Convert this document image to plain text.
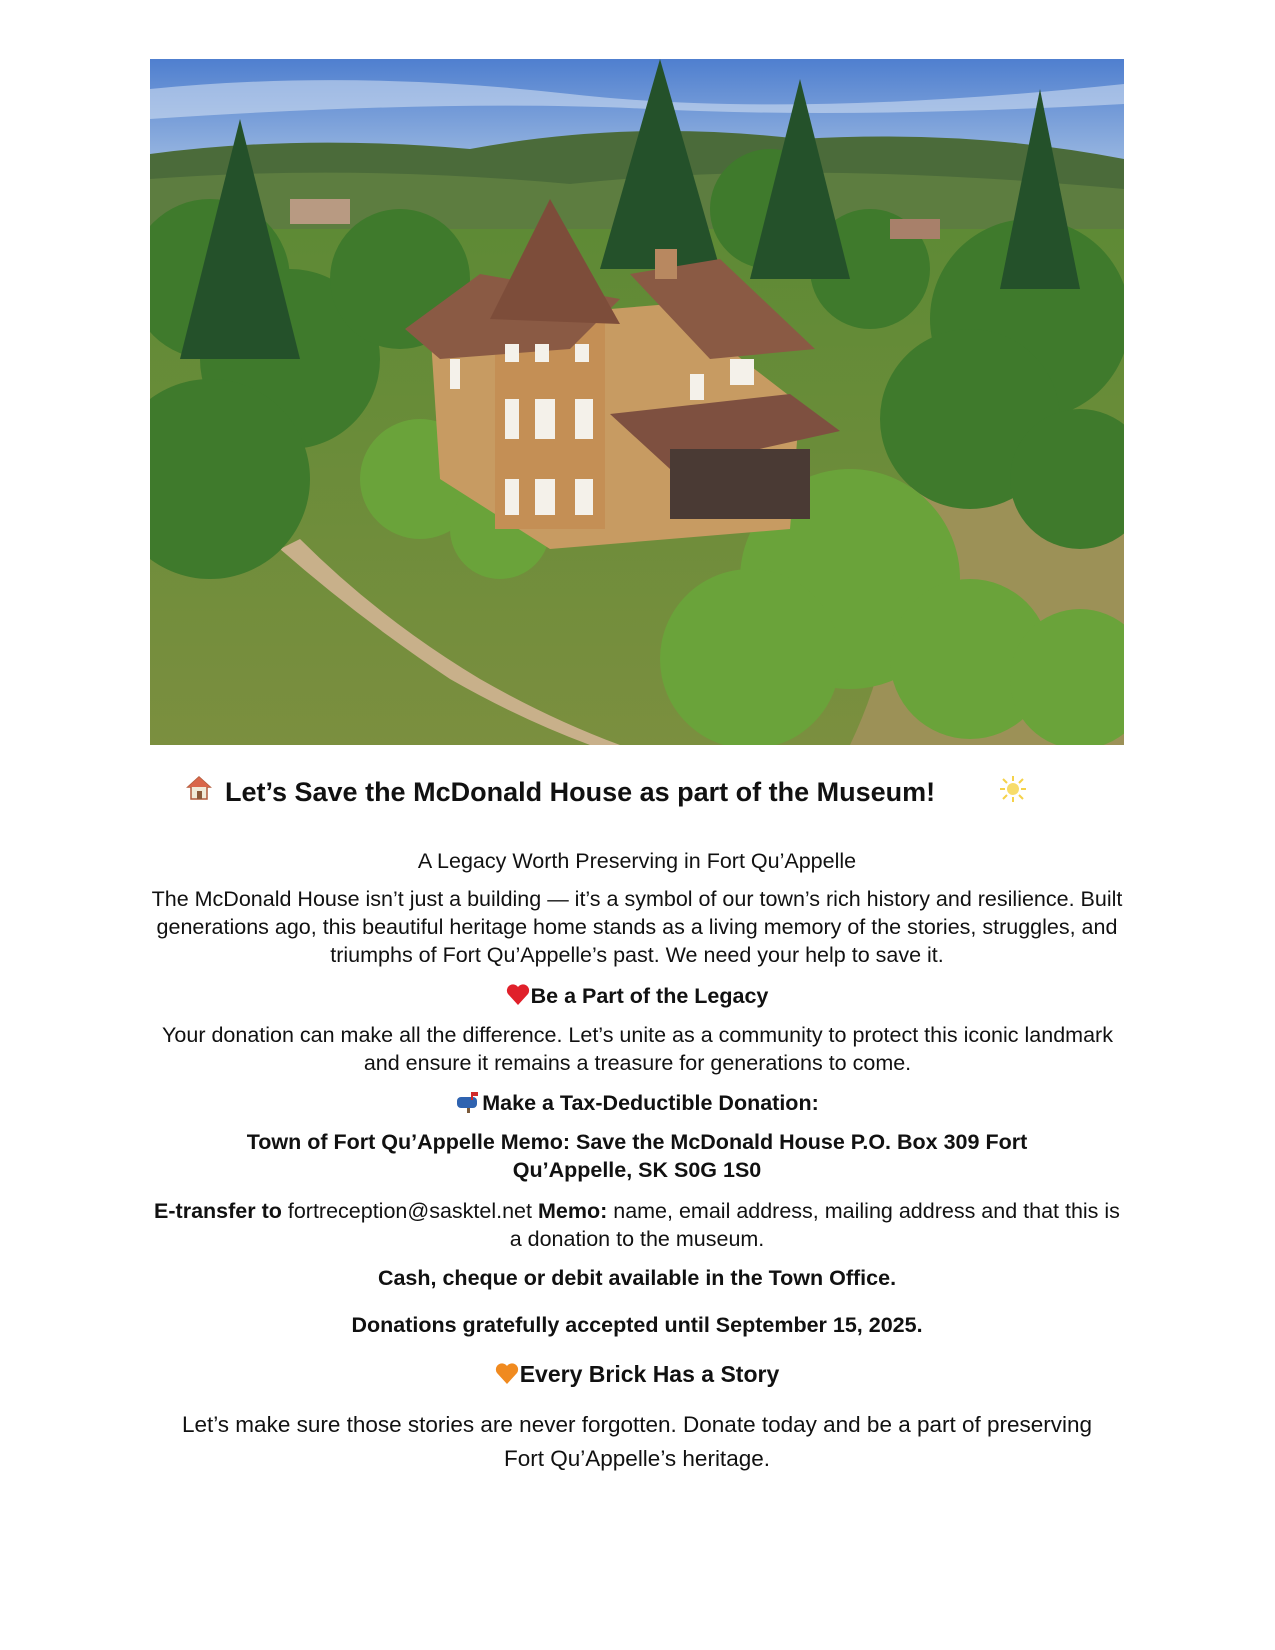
Let’s Save the McDonald House as part of the Museum!
A Legacy Worth Preserving in Fort Qu’Appelle
The McDonald House isn’t just a building — it’s a symbol of our town’s rich history and resilience. Built generations ago, this beautiful heritage home stands as a living memory of the stories, struggles, and triumphs of Fort Qu’Appelle’s past. We need your help to save it.
Be a Part of the Legacy
Your donation can make all the difference. Let’s unite as a community to protect this iconic landmark and ensure it remains a treasure for generations to come.
Make a Tax-Deductible Donation:
Town of Fort Qu’Appelle Memo: Save the McDonald House P.O. Box 309 Fort Qu’Appelle, SK S0G 1S0
E-transfer to fortreception@sasktel.net Memo: name, email address, mailing address and that this is a donation to the museum.
Cash, cheque or debit available in the Town Office.
Donations gratefully accepted until September 15, 2025.
Every Brick Has a Story
Let’s make sure those stories are never forgotten. Donate today and be a part of preserving Fort Qu’Appelle’s heritage.
